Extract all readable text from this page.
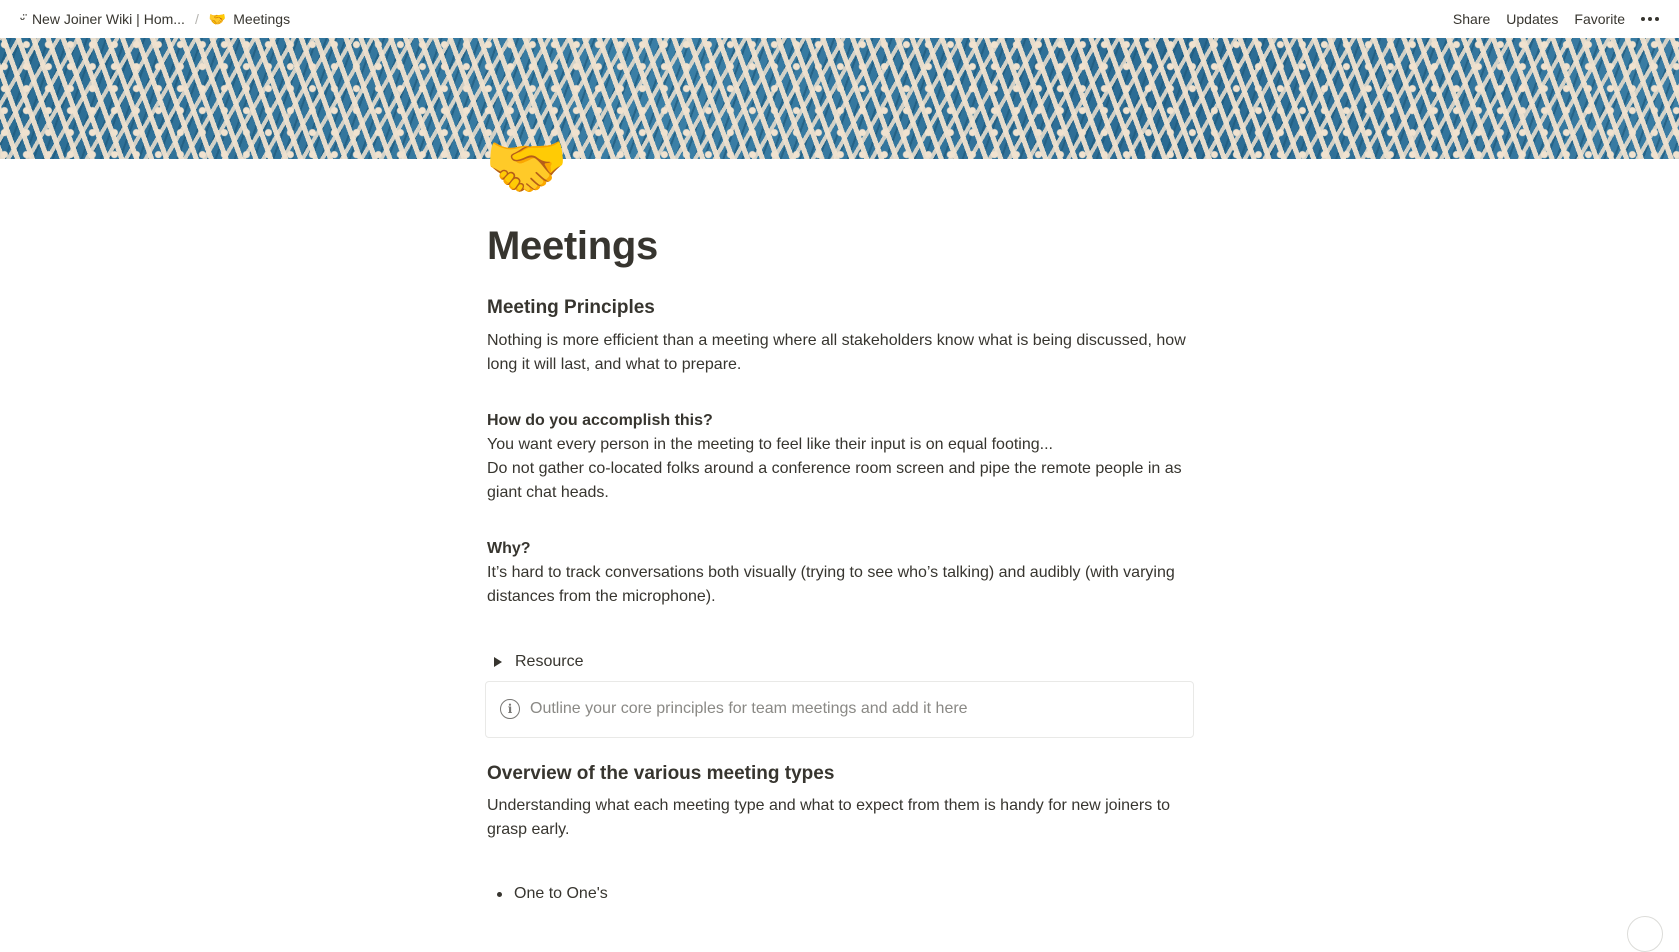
ᵕ̈ New Joiner Wiki | Hom... / 🤝 Meetings	Share	Updates	Favorite
🤝
Meetings
Meeting Principles

Nothing is more efficient than a meeting where all stakeholders know what is being discussed, how long it will last, and what to prepare.

How do you accomplish this?

You want every person in the meeting to feel like their input is on equal footing...

Do not gather co-located folks around a conference room screen and pipe the remote people in as giant chat heads.

Why?

It’s hard to track conversations both visually (trying to see who’s talking) and audibly (with varying distances from the microphone).

Resource
i	Outline your core principles for team meetings and add it here
Overview of the various meeting types

Understanding what each meeting type and what to expect from them is handy for new joiners to grasp early.

One to One's
